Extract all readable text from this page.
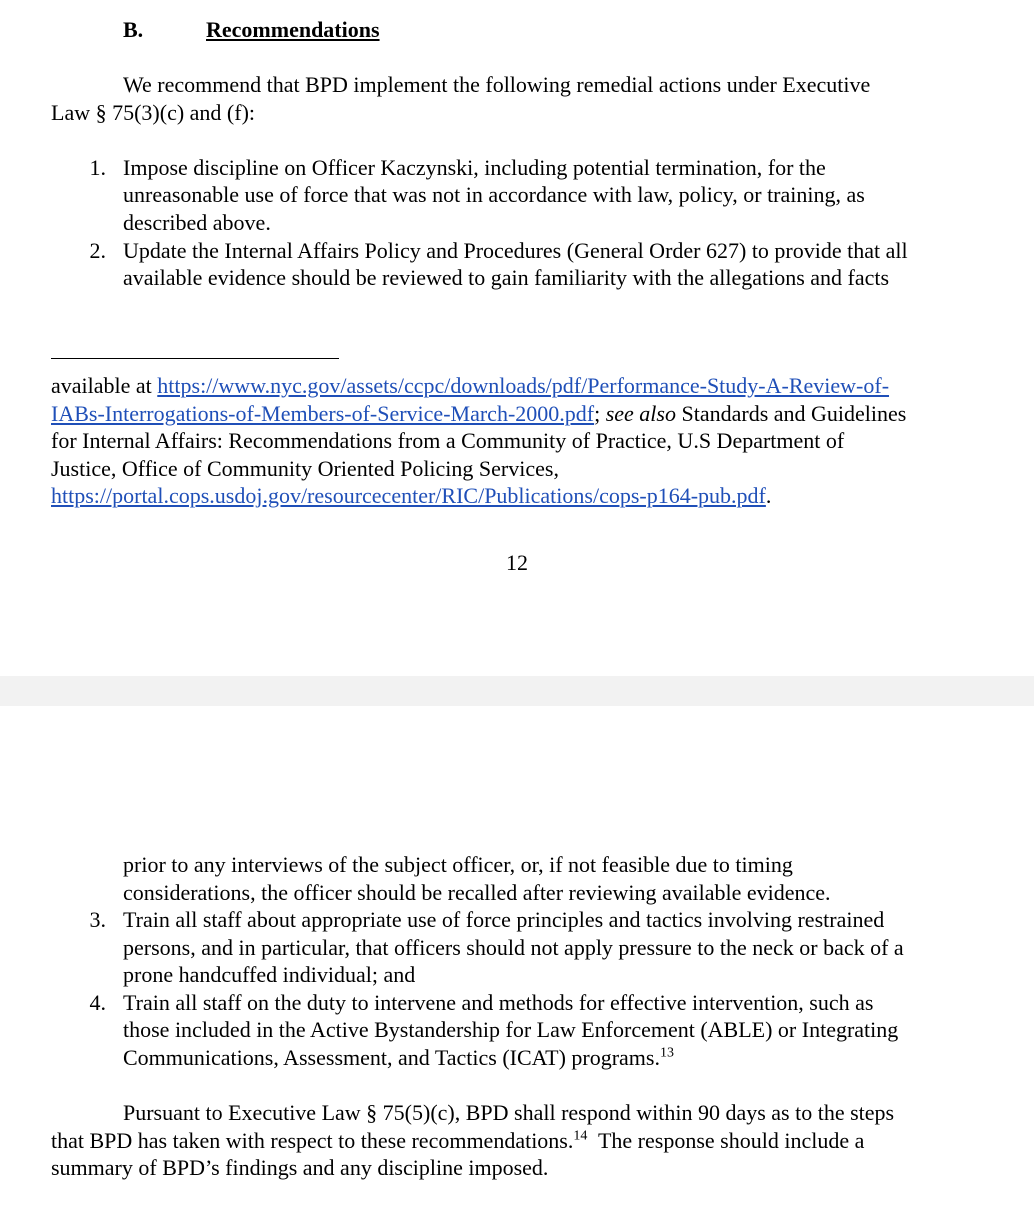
B.	Recommendations
We recommend that BPD implement the following remedial actions under Executive
Law § 75(3)(c) and (f):
1. Impose discipline on Officer Kaczynski, including potential termination, for the
unreasonable use of force that was not in accordance with law, policy, or training, as
described above.
2. Update the Internal Affairs Policy and Procedures (General Order 627) to provide that all
available evidence should be reviewed to gain familiarity with the allegations and facts
available at https://www.nyc.gov/assets/ccpc/downloads/pdf/Performance-Study-A-Review-of-
IABs-Interrogations-of-Members-of-Service-March-2000.pdf; see also Standards and Guidelines
for Internal Affairs: Recommendations from a Community of Practice, U.S Department of
Justice, Office of Community Oriented Policing Services,
https://portal.cops.usdoj.gov/resourcecenter/RIC/Publications/cops-p164-pub.pdf.
12
prior to any interviews of the subject officer, or, if not feasible due to timing
considerations, the officer should be recalled after reviewing available evidence.
3. Train all staff about appropriate use of force principles and tactics involving restrained
persons, and in particular, that officers should not apply pressure to the neck or back of a
prone handcuffed individual; and
4. Train all staff on the duty to intervene and methods for effective intervention, such as
those included in the Active Bystandership for Law Enforcement (ABLE) or Integrating
Communications, Assessment, and Tactics (ICAT) programs.$^{13}$
Pursuant to Executive Law § 75(5)(c), BPD shall respond within 90 days as to the steps
that BPD has taken with respect to these recommendations.$^{14}$  The response should include a
summary of BPD’s findings and any discipline imposed.
